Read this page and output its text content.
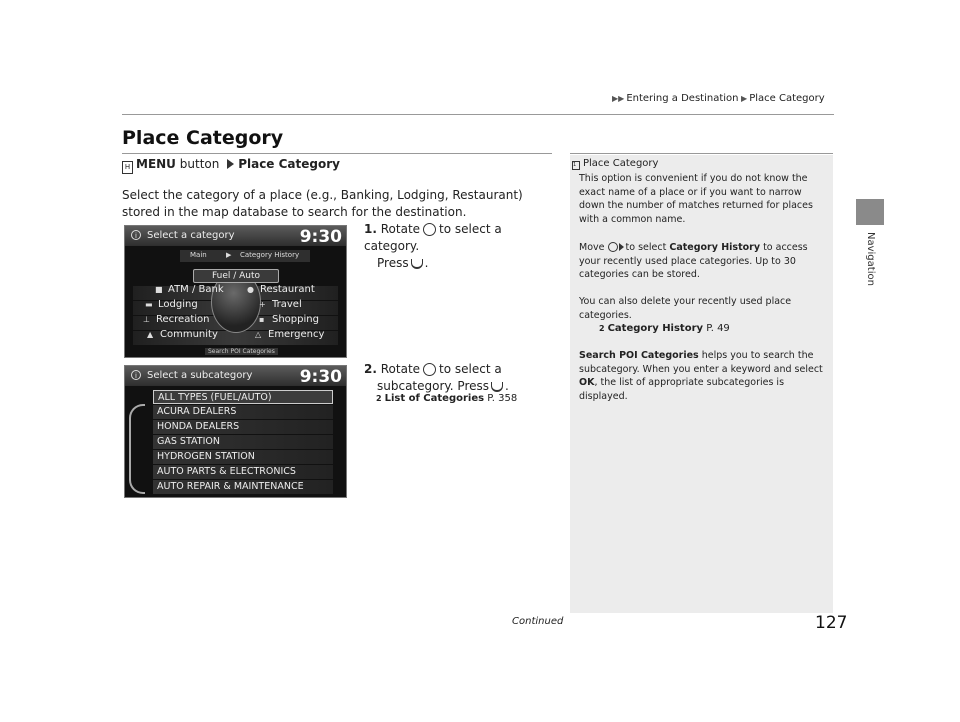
▶▶ Entering a Destination ▶ Place Category
Navigation
Place Category
H MENU button Place Category
Select the category of a place (e.g., Banking, Lodging, Restaurant) stored in the map database to search for the destination.
1. Rotate to select a category.
Press .
i	Select a category	9:30
Main	▶ Category History
Fuel / Auto
■ ATM / Bank	● Restaurant
▬ Lodging	+ Travel
⊥ Recreation	▪ Shopping
▲ Community	△ Emergency
Search POI Categories
2. Rotate to select a
subcategory. Press .
2 List of Categories P. 358
i	Select a subcategory	9:30
ALL TYPES (FUEL/AUTO)
ACURA DEALERS
HONDA DEALERS
GAS STATION
HYDROGEN STATION
AUTO PARTS & ELECTRONICS
AUTO REPAIR & MAINTENANCE

This option is convenient if you do not know the exact name of a place or if you want to narrow down the number of matches returned for places with a common name.

Move to select Category History to access your recently used place categories. Up to 30 categories can be stored.

You can also delete your recently used place categories.
2 Category History P. 49

Search POI Categories helps you to search the subcategory. When you enter a keyword and select OK, the list of appropriate subcategories is displayed.

1 Place Category
Continued	127
